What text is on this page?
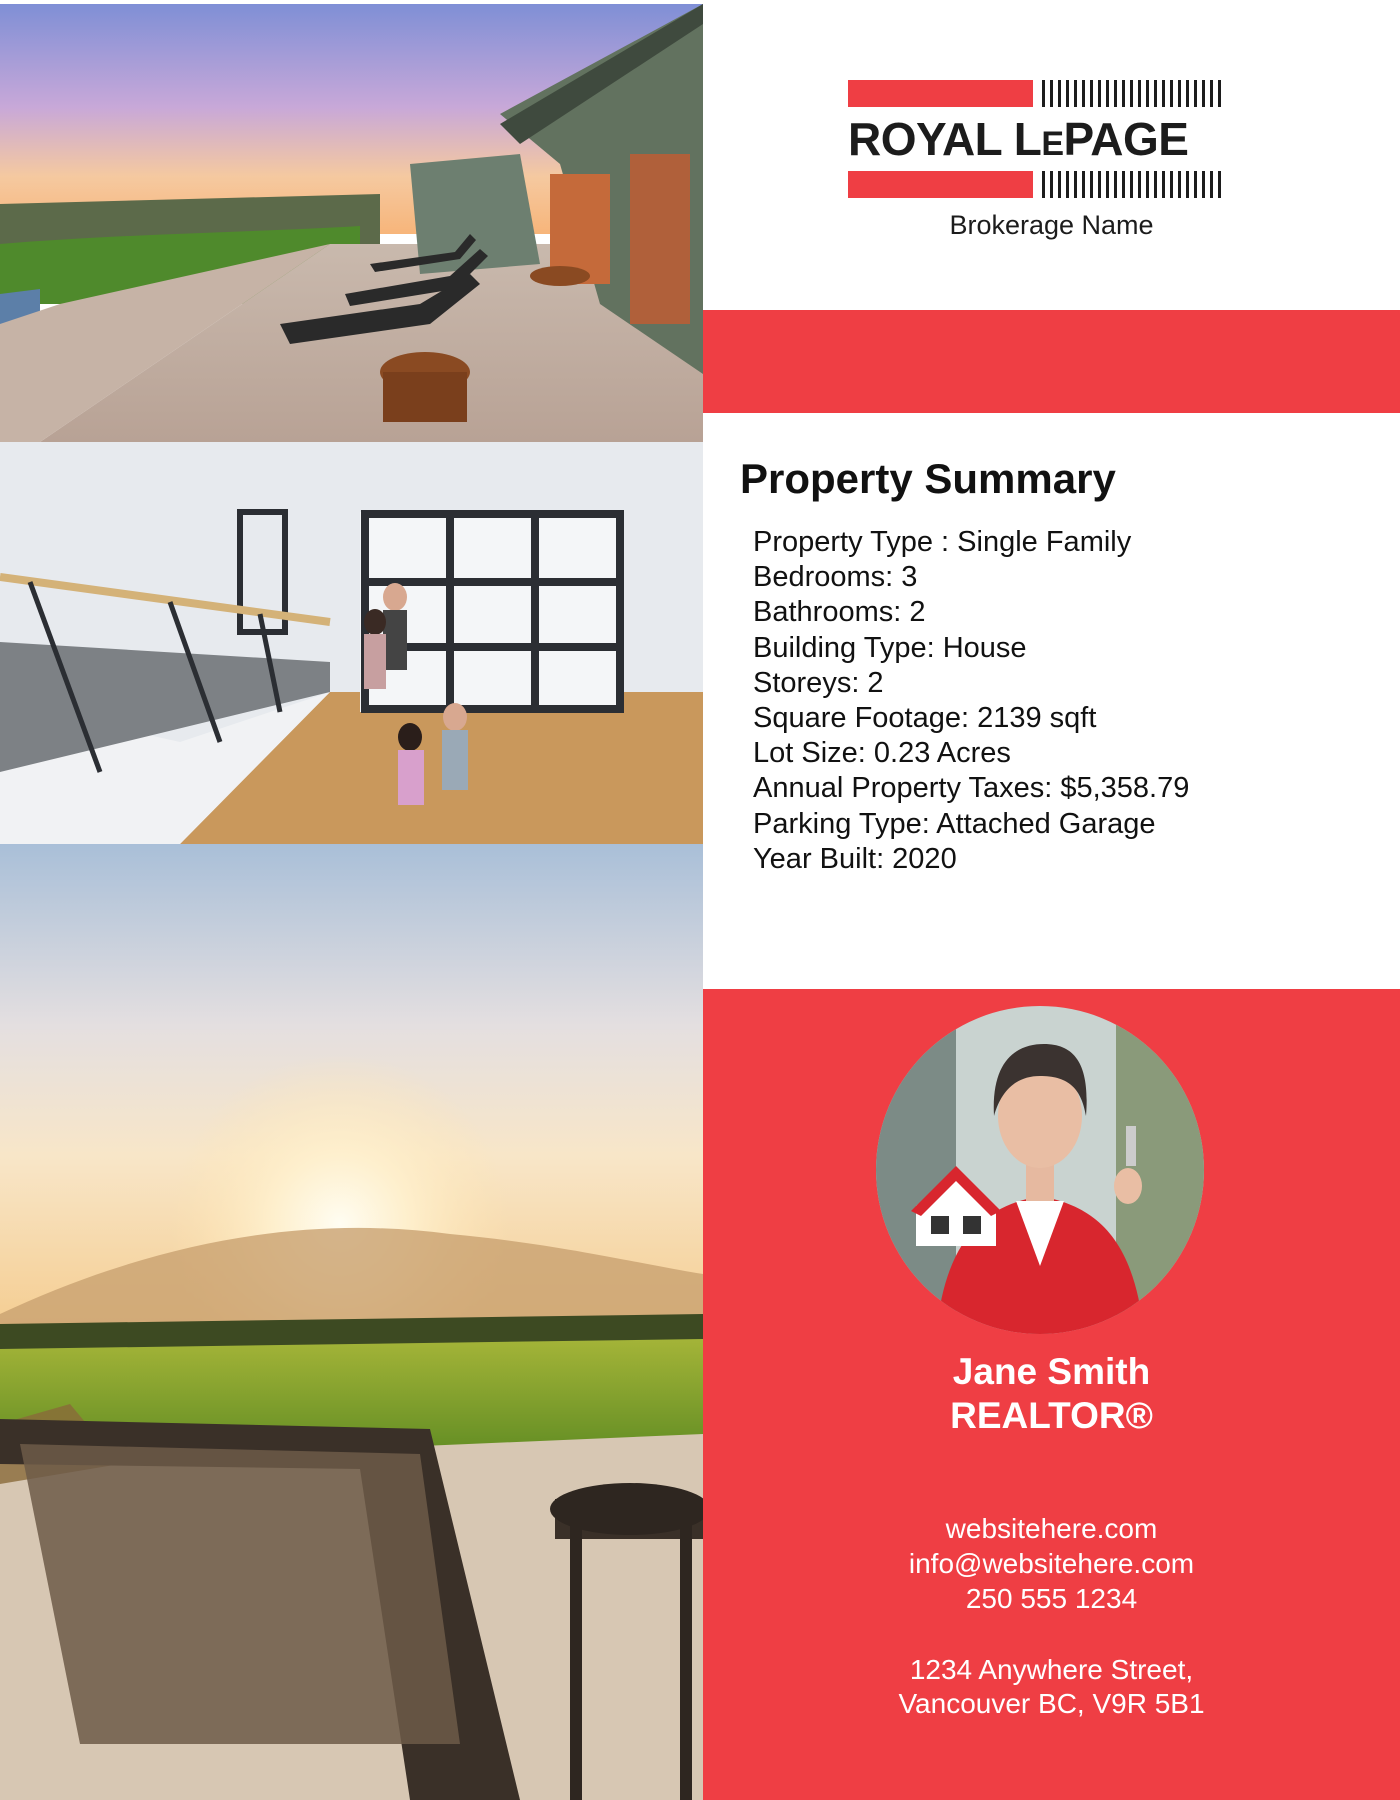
ROYAL LEPAGE
Brokerage Name
Property Summary
Property Type : Single Family
Bedrooms: 3
Bathrooms: 2
Building Type: House
Storeys: 2
Square Footage: 2139 sqft
Lot Size: 0.23 Acres
Annual Property Taxes: $5,358.79
Parking Type: Attached Garage
Year Built: 2020
Jane Smith
REALTOR®
websitehere.com
info@websitehere.com
250 555 1234
1234 Anywhere Street,
Vancouver BC, V9R 5B1
